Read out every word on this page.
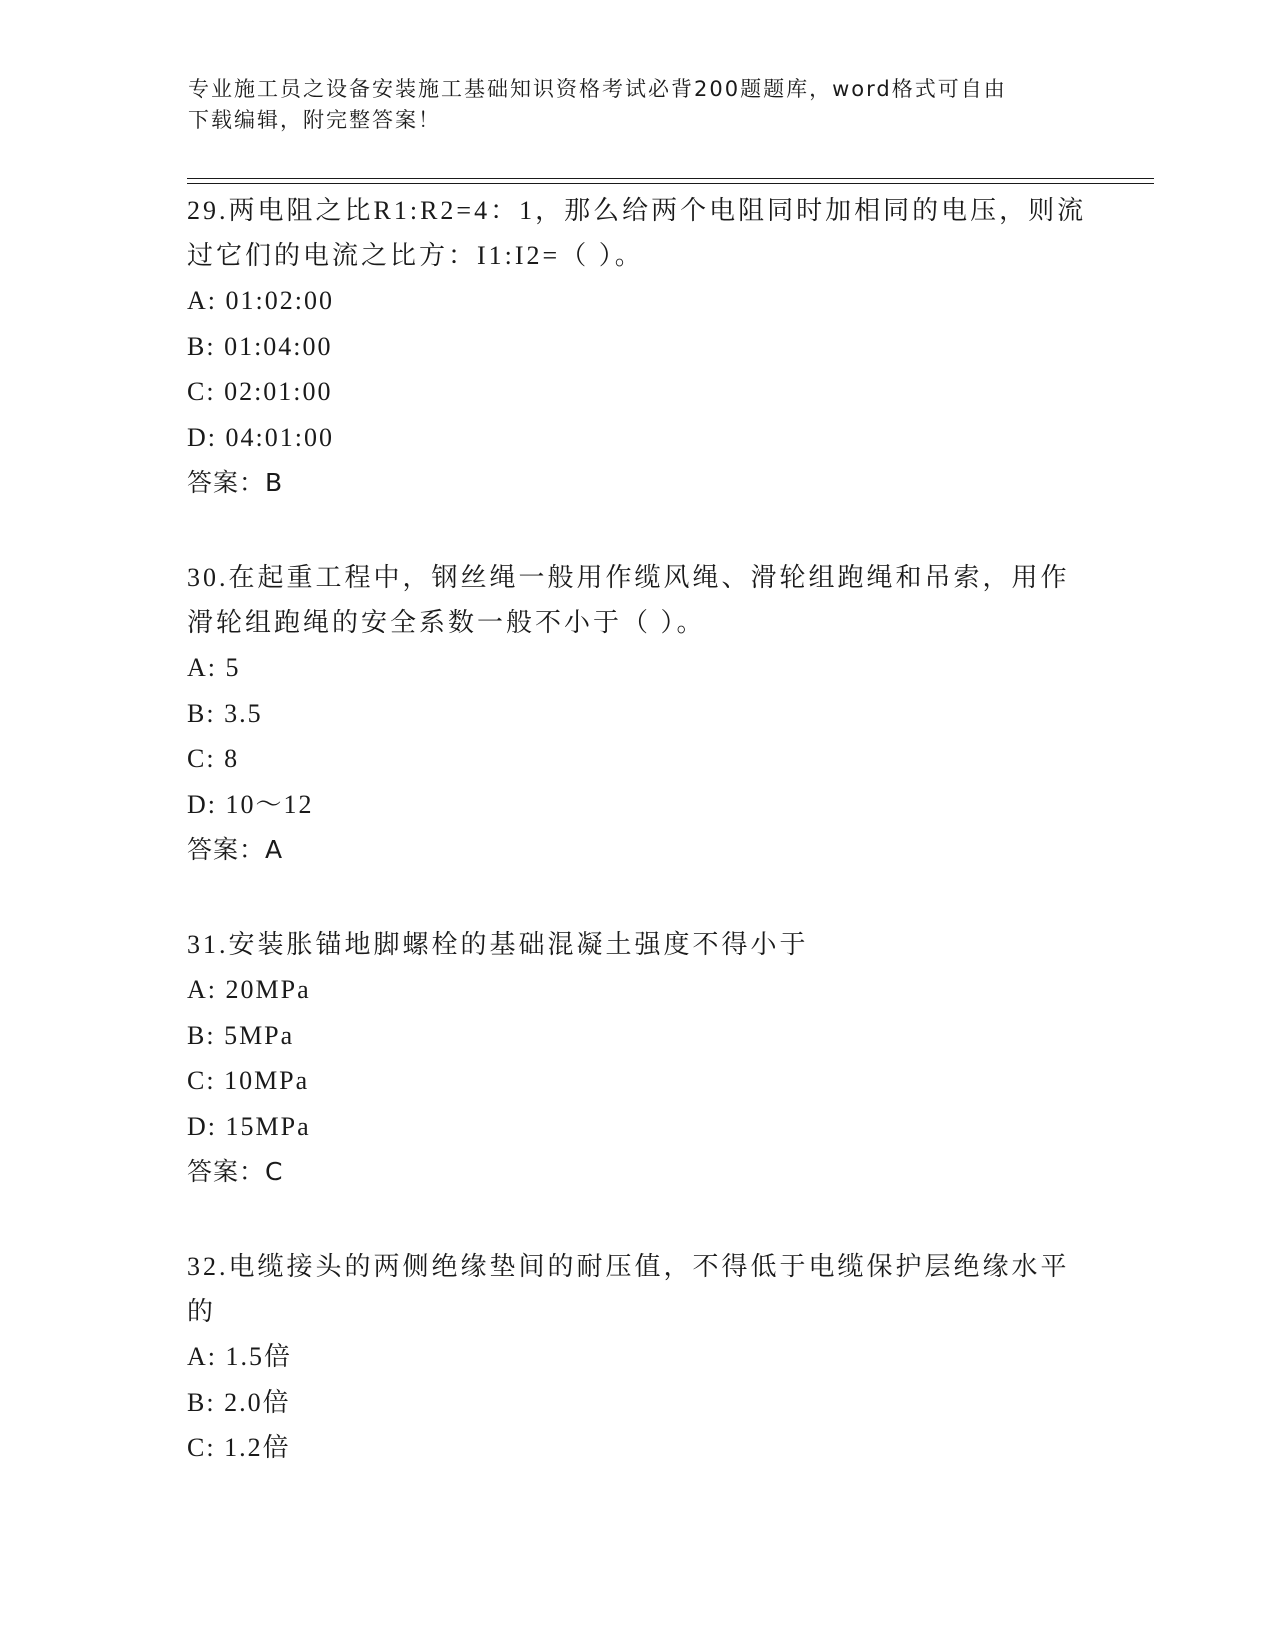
专业施工员之设备安装施工基础知识资格考试必背200题题库，word格式可自由
下载编辑，附完整答案！

29.两电阻之比R1:R2=4：1，那么给两个电阻同时加相同的电压，则流

过它们的电流之比方：I1:I2=（ ）。

A: 01:02:00

B: 01:04:00

C: 02:01:00

D: 04:01:00

答案：B

30.在起重工程中，钢丝绳一般用作缆风绳、滑轮组跑绳和吊索，用作

滑轮组跑绳的安全系数一般不小于（ ）。

A: 5

B: 3.5

C: 8

D: 10～12

答案：A

31.安装胀锚地脚螺栓的基础混凝土强度不得小于

A: 20MPa

B: 5MPa

C: 10MPa

D: 15MPa

答案：C

32.电缆接头的两侧绝缘垫间的耐压值，不得低于电缆保护层绝缘水平

的

A: 1.5倍

B: 2.0倍

C: 1.2倍
